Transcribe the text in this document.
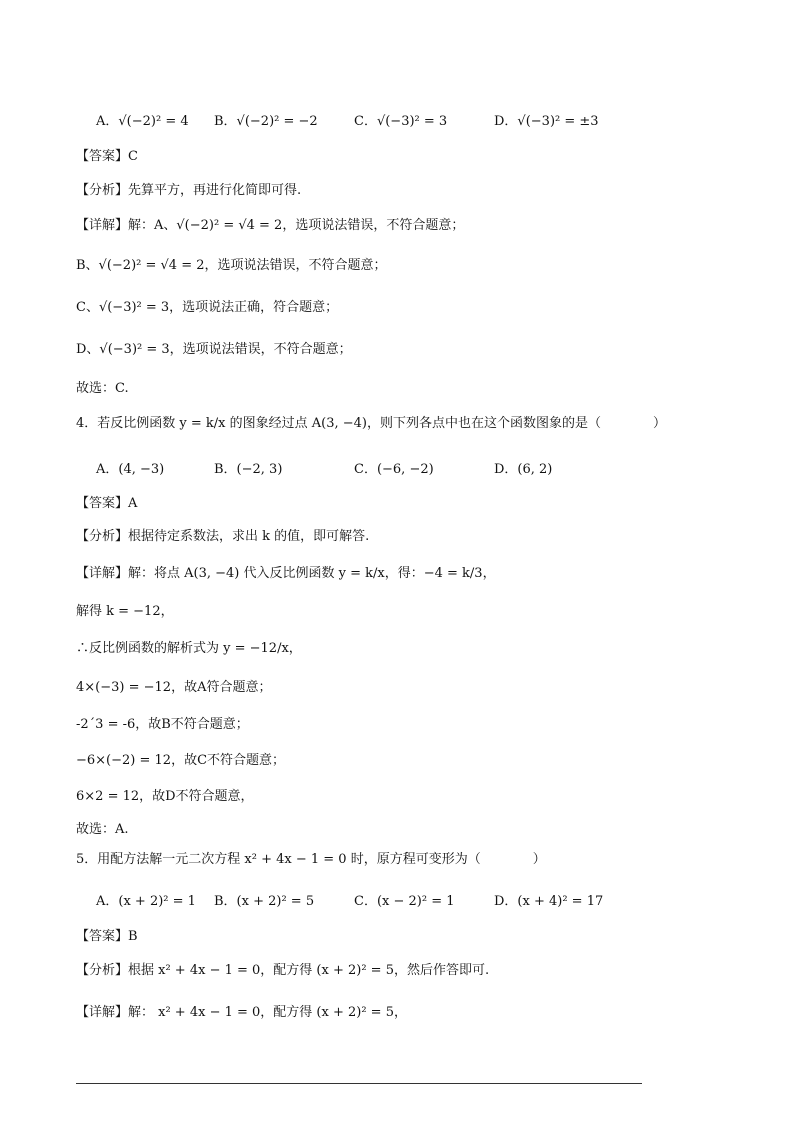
A．√(−2)² = 4 B．√(−2)² = −2	C．√(−3)² = 3	D．√(−3)² = ±3
【答案】C
【分析】先算平方，再进行化简即可得.
【详解】解：A、√(−2)² = √4 = 2，选项说法错误，不符合题意；
B、√(−2)² = √4 = 2，选项说法错误，不符合题意；
C、√(−3)² = 3，选项说法正确，符合题意；
D、√(−3)² = 3，选项说法错误，不符合题意；
故选：C.
4．若反比例函数 y = k/x 的图象经过点 A(3, −4)，则下列各点中也在这个函数图象的是（　　　　）
A．(4, −3)	B．(−2, 3)	C．(−6, −2)	D．(6, 2)
【答案】A
【分析】根据待定系数法，求出 k 的值，即可解答.
【详解】解：将点 A(3, −4) 代入反比例函数 y = k/x，得：−4 = k/3，
解得 k = −12，
∴反比例函数的解析式为 y = −12/x，
4×(−3) = −12，故A符合题意；
-2´3 = -6，故B不符合题意；
−6×(−2) = 12，故C不符合题意；
6×2 = 12，故D不符合题意，
故选：A.
5．用配方法解一元二次方程 x² + 4x − 1 = 0 时，原方程可变形为（　　　　）
A．(x + 2)² = 1 B．(x + 2)² = 5	C．(x − 2)² = 1	D．(x + 4)² = 17
【答案】B
【分析】根据 x² + 4x − 1 = 0，配方得 (x + 2)² = 5，然后作答即可.
【详解】解： x² + 4x − 1 = 0，配方得 (x + 2)² = 5，
